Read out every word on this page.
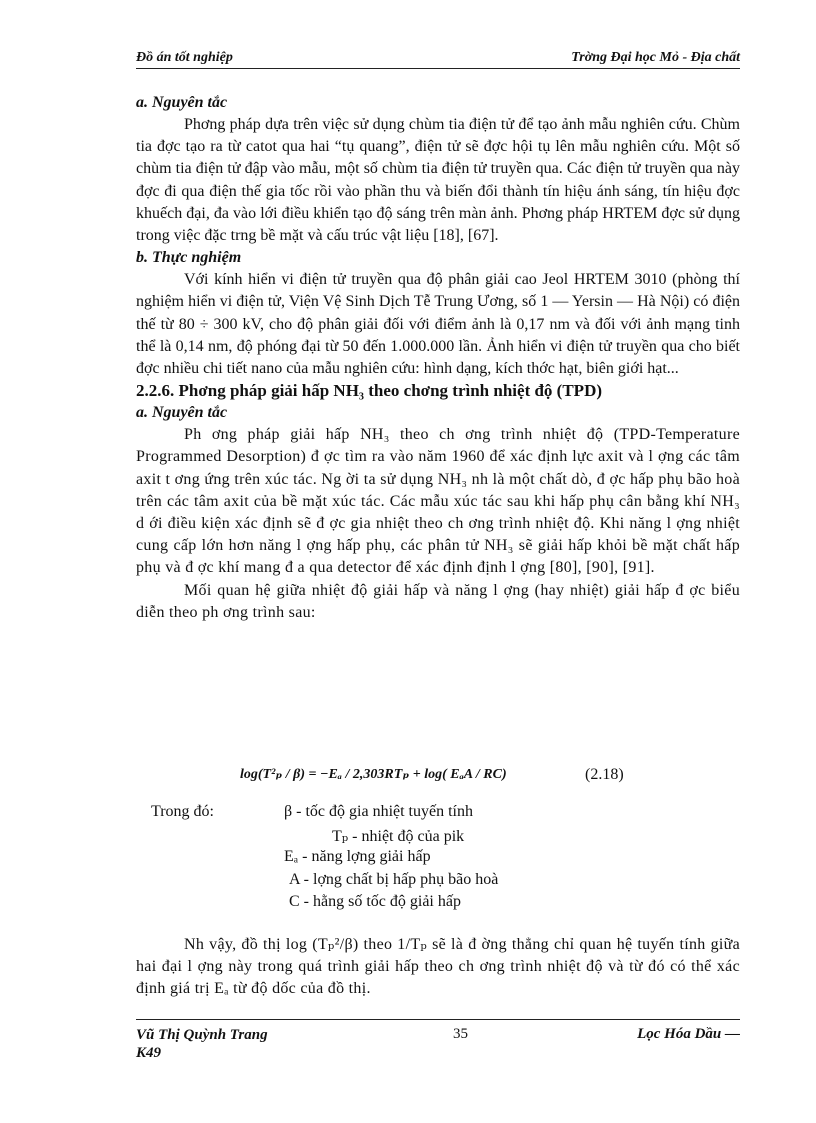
Đồ án tốt nghiệp	Trờng Đại học Mỏ - Địa chất

a. Nguyên tắc

Phơng pháp dựa trên việc sử dụng chùm tia điện tử để tạo ảnh mẫu nghiên cứu. Chùm tia đợc tạo ra từ catot qua hai “tụ quang”, điện tử sẽ đợc hội tụ lên mẫu nghiên cứu. Một số chùm tia điện tử đập vào mẫu, một số chùm tia điện tử truyền qua. Các điện tử truyền qua này đợc đi qua điện thế gia tốc rồi vào phần thu và biến đổi thành tín hiệu ánh sáng, tín hiệu đợc khuếch đại, đa vào lới điều khiển tạo độ sáng trên màn ảnh. Phơng pháp HRTEM đợc sử dụng trong việc đặc trng bề mặt và cấu trúc vật liệu [18], [67].

b. Thực nghiệm

Với kính hiển vi điện tử truyền qua độ phân giải cao Jeol HRTEM 3010 (phòng thí nghiệm hiển vi điện tử, Viện Vệ Sinh Dịch Tễ Trung Ương, số 1 — Yersin — Hà Nội) có điện thế từ 80 ÷ 300 kV, cho độ phân giải đối với điểm ảnh là 0,17 nm và đối với ảnh mạng tinh thể là 0,14 nm, độ phóng đại từ 50 đến 1.000.000 lần. Ảnh hiển vi điện tử truyền qua cho biết đợc nhiều chi tiết nano của mẫu nghiên cứu: hình dạng, kích thớc hạt, biên giới hạt...

2.2.6. Phơng pháp giải hấp NH₃ theo chơng trình nhiệt độ (TPD)

a. Nguyên tắc

Ph ơng pháp giải hấp NH₃ theo ch ơng trình nhiệt độ (TPD-Temperature Programmed Desorption) đ ợc tìm ra vào năm 1960 để xác định lực axit và l ợng các tâm axit t ơng ứng trên xúc tác. Ng ời ta sử dụng NH₃ nh là một chất dò, đ ợc hấp phụ bão hoà trên các tâm axit của bề mặt xúc tác. Các mẫu xúc tác sau khi hấp phụ cân bằng khí NH₃ d ới điều kiện xác định sẽ đ ợc gia nhiệt theo ch ơng trình nhiệt độ. Khi năng l ợng nhiệt cung cấp lớn hơn năng l ợng hấp phụ, các phân tử NH₃ sẽ giải hấp khỏi bề mặt chất hấp phụ và đ ợc khí mang đ a qua detector để xác định định l ợng [80], [90], [91].

Mối quan hệ giữa nhiệt độ giải hấp và năng l ợng (hay nhiệt) giải hấp đ ợc biểu diễn theo ph ơng trình sau:

log(T²ₚ / β) = −Eₐ / 2,303RTₚ + log( EₐA / RC)	(2.18)
Trong đó:	β - tốc độ gia nhiệt tuyến tính
Tₚ - nhiệt độ của pik
Eₐ - năng lợng giải hấp
A - lợng chất bị hấp phụ bão hoà
C - hằng số tốc độ giải hấp

Nh vậy, đồ thị log (Tₚ²/β) theo 1/Tₚ sẽ là đ ờng thẳng chỉ quan hệ tuyến tính giữa hai đại l ợng này trong quá trình giải hấp theo ch ơng trình nhiệt độ và từ đó có thể xác định giá trị Eₐ từ độ dốc của đồ thị.

Vũ Thị Quỳnh Trang
K49
35	Lọc Hóa Dầu —
